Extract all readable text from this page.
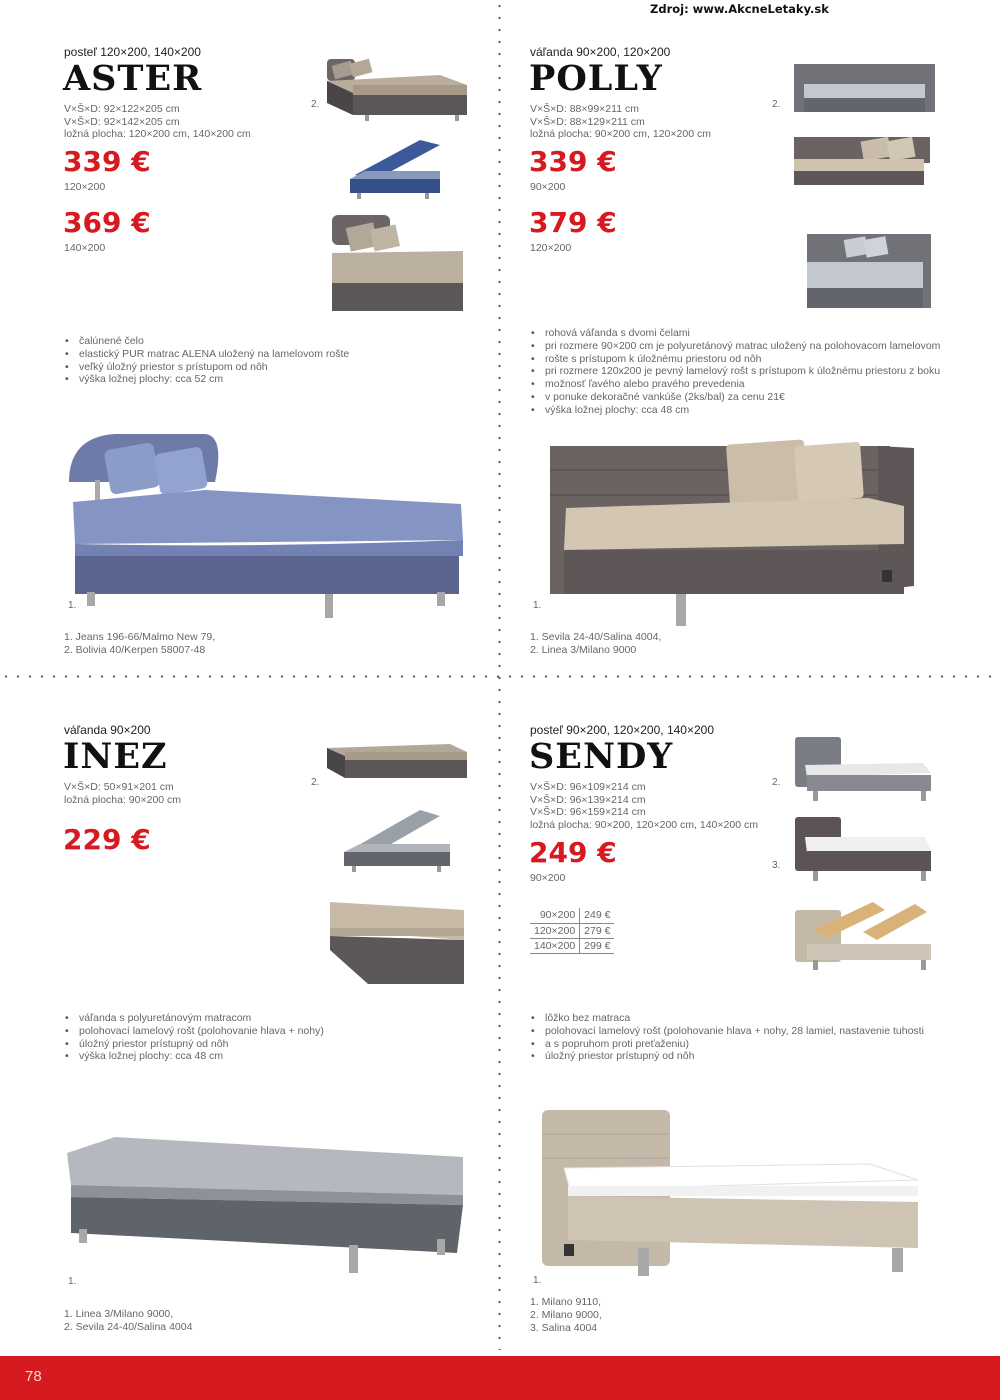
Zdroj: www.AkcneLetaky.sk
posteľ 120×200, 140×200
ASTER
V×Š×D: 92×122×205 cm
V×Š×D: 92×142×205 cm
ložná plocha: 120×200 cm, 140×200 cm
339 €
120×200
369 €
140×200
2.
• čalúnené čelo
• elastický PUR matrac ALENA uložený na lamelovom rošte
• veľký úložný priestor s prístupom od nôh
• výška ložnej plochy: cca 52 cm
1.
1. Jeans 196-66/Malmo New 79,
2. Bolivia 40/Kerpen 58007-48
váľanda 90×200, 120×200
POLLY
V×Š×D: 88×99×211 cm
V×Š×D: 88×129×211 cm
ložná plocha: 90×200 cm, 120×200 cm
339 €
90×200
379 €
120×200
2.
• rohová váľanda s dvomi čelami
• pri rozmere 90×200 cm je polyuretánový matrac uložený na polohovacom lamelovom
• rošte s prístupom k úložnému priestoru od nôh
• pri rozmere 120x200 je pevný lamelový rošt s prístupom k úložnému priestoru z boku
• možnosť ľavého alebo pravého prevedenia
• v ponuke dekoračné vankúše (2ks/bal) za cenu 21€
• výška ložnej plochy: cca 48 cm
1.
1. Sevila 24-40/Salina 4004,
2. Linea 3/Milano 9000
váľanda 90×200
INEZ
V×Š×D: 50×91×201 cm
ložná plocha: 90×200 cm
229 €
2.
• váľanda s polyuretánovým matracom
• polohovací lamelový rošt (polohovanie hlava + nohy)
• úložný priestor prístupný od nôh
• výška ložnej plochy: cca 48 cm
1.
1. Linea 3/Milano 9000,
2. Sevila 24-40/Salina 4004
posteľ 90×200, 120×200, 140×200
SENDY
V×Š×D: 96×109×214 cm
V×Š×D: 96×139×214 cm
V×Š×D: 96×159×214 cm
ložná plocha: 90×200, 120×200 cm, 140×200 cm
249 €
90×200
90×200	249 €
120×200	279 €
140×200	299 €
2.
3.
• lôžko bez matraca
• polohovací lamelový rošt (polohovanie hlava + nohy, 28 lamiel, nastavenie tuhosti
• a s popruhom proti preťaženiu)
• úložný priestor prístupný od nôh
1.
1. Milano 9110,
2. Milano 9000,
3. Salina 4004
78
